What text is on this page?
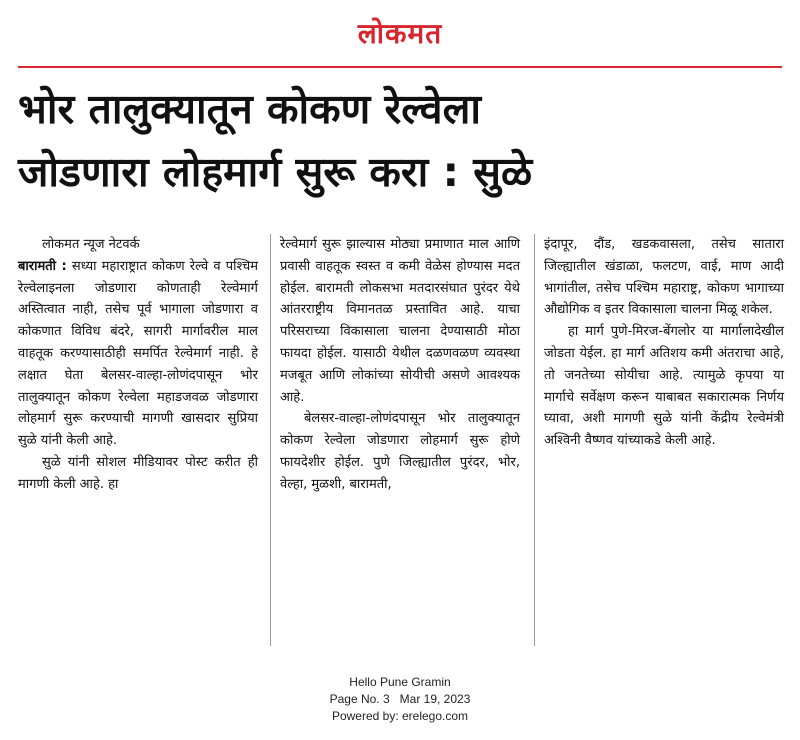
लोकमत
भोर तालुक्यातून कोकण रेल्वेला
जोडणारा लोहमार्ग सुरू करा : सुळे

लोकमत न्यूज नेटवर्क

बारामती : सध्या महाराष्ट्रात कोकण रेल्वे व पश्चिम रेल्वेलाइनला जोडणारा कोणताही रेल्वेमार्ग अस्तित्वात नाही, तसेच पूर्व भागाला जोडणारा व कोकणात विविध बंदरे, सागरी मार्गावरील माल वाहतूक करण्यासाठीही समर्पित रेल्वेमार्ग नाही. हे लक्षात घेता बेलसर-वाल्हा-लोणंदपासून भोर तालुक्यातून कोकण रेल्वेला महाडजवळ जोडणारा लोहमार्ग सुरू करण्याची मागणी खासदार सुप्रिया सुळे यांनी केली आहे.

सुळे यांनी सोशल मीडियावर पोस्ट करीत ही मागणी केली आहे. हा

रेल्वेमार्ग सुरू झाल्यास मोठ्या प्रमाणात माल आणि प्रवासी वाहतूक स्वस्त व कमी वेळेस होण्यास मदत होईल. बारामती लोकसभा मतदारसंघात पुरंदर येथे आंतरराष्ट्रीय विमानतळ प्रस्तावित आहे. याचा परिसराच्या विकासाला चालना देण्यासाठी मोठा फायदा होईल. यासाठी येथील दळणवळण व्यवस्था मजबूत आणि लोकांच्या सोयीची असणे आवश्यक आहे.

बेलसर-वाल्हा-लोणंदपासून भोर तालुक्यातून कोकण रेल्वेला जोडणारा लोहमार्ग सुरू होणे फायदेशीर होईल. पुणे जिल्ह्यातील पुरंदर, भोर, वेल्हा, मुळशी, बारामती,

इंदापूर, दौंड, खडकवासला, तसेच सातारा जिल्ह्यातील खंडाळा, फलटण, वाई, माण आदी भागांतील, तसेच पश्चिम महाराष्ट्र, कोकण भागाच्या औद्योगिक व इतर विकासाला चालना मिळू शकेल.

हा मार्ग पुणे-मिरज-बेंगलोर या मार्गालादेखील जोडता येईल. हा मार्ग अतिशय कमी अंतराचा आहे, तो जनतेच्या सोयीचा आहे. त्यामुळे कृपया या मार्गाचे सर्वेक्षण करून याबाबत सकारात्मक निर्णय घ्यावा, अशी मागणी सुळे यांनी केंद्रीय रेल्वेमंत्री अश्विनी वैष्णव यांच्याकडे केली आहे.

Hello Pune Gramin
Page No. 3   Mar 19, 2023
Powered by: erelego.com
